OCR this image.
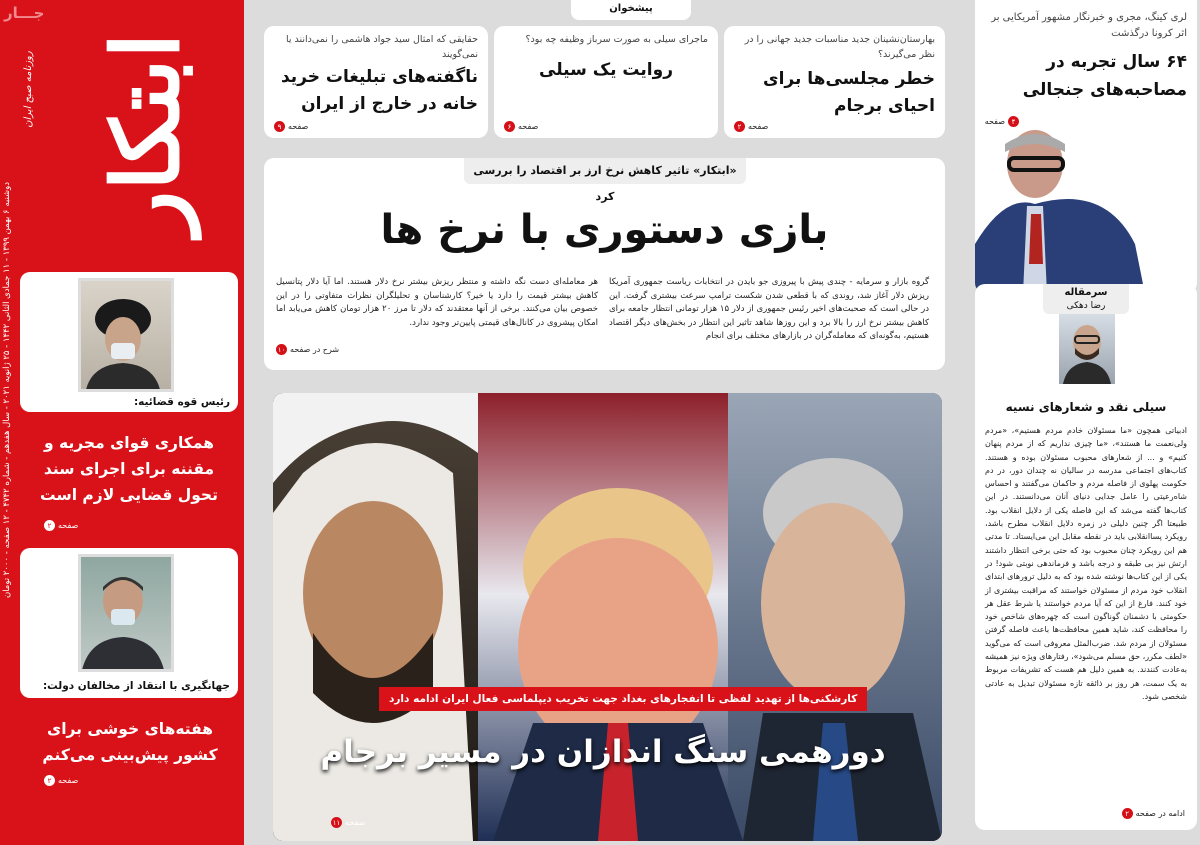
جـــار
روزنامه صبح ایران ابتکار
دوشنبه ۶ بهمن ۱۳۹۹ - ۱۱ جمادی الثانی ۱۴۴۲ - ۲۵ ژانویه ۲۰۲۱ - سال هفدهم - شماره ۴۷۴۲ - ۱۲ صفحه - ۲۰۰۰ تومان
رئیس قوه قضائیه:
همکاری قوای مجریه و مقننه برای اجرای سند تحول قضایی لازم است
صفحه
۲
جهانگیری با انتقاد از مخالفان دولت:
هفته‌های خوشی برای کشور پیش‌بینی می‌کنم
صفحه
۲
پیشخوان
بهارستان‌نشینان جدید مناسبات جدید جهانی را در نظر می‌گیرند؟
خطر مجلسی‌ها برای احیای برجام
صفحه
۲
ماجرای سیلی به صورت سرباز وظیفه چه بود؟
روایت یک سیلی
صفحه
۶
حقایقی که امثال سید جواد هاشمی را نمی‌دانند یا نمی‌گویند
ناگفته‌های تبلیغات خرید خانه در خارج از ایران
صفحه
۹
«ابتکار» تاثیر کاهش نرخ ارز بر اقتصاد را بررسی کرد
بازی دستوری با نرخ ها
گروه بازار و سرمایه - چندی پیش با پیروزی جو بایدن در انتخابات ریاست جمهوری آمریکا ریزش دلار آغاز شد، روندی که با قطعی شدن شکست ترامپ سرعت بیشتری گرفت. این در حالی است که صحبت‌های اخیر رئیس جمهوری از دلار ۱۵ هزار تومانی انتظار جامعه برای کاهش بیشتر نرخ ارز را بالا برد و این روزها شاهد تاثیر این انتظار در بخش‌های دیگر اقتصاد هستیم، به‌گونه‌ای که معامله‌گران در بازارهای مختلف برای انجام
هر معامله‌ای دست نگه داشته و منتظر ریزش بیشتر نرخ دلار هستند. اما آیا دلار پتانسیل کاهش بیشتر قیمت را دارد یا خیر؟ کارشناسان و تحلیلگران نظرات متفاوتی را در این خصوص بیان می‌کنند. برخی از آنها معتقدند که دلار تا مرز ۲۰ هزار تومان کاهش می‌یابد اما امکان پیشروی در کانال‌های قیمتی پایین‌تر وجود ندارد.
شرح در صفحه
۱۰
کارشکنی‌ها از تهدید لفظی تا انفجارهای بغداد جهت تخریب دیپلماسی فعال ایران ادامه دارد
دورهمی سنگ اندازان در مسیر برجام
صفحه
۱۱
لری کینگ، مجری و خبرنگار مشهور آمریکایی بر اثر کرونا درگذشت
۶۴ سال تجربه در مصاحبه‌های جنجالی
۴
صفحه
سرمقاله
رضا دهکی
سیلی نقد و شعارهای نسیه
ادبیاتی همچون «ما مسئولان خادم مردم هستیم»، «مردم ولی‌نعمت ما هستند»، «ما چیزی نداریم که از مردم پنهان کنیم» و ... از شعارهای محبوب مسئولان بوده و هستند. کتاب‌های اجتماعی مدرسه در سالیان نه چندان دور، در دم حکومت پهلوی از فاصله مردم و حاکمان می‌گفتند و احساس شاه‌رعیتی را عامل جدایی دنیای آنان می‌دانستند. در این کتاب‌ها گفته می‌شد که این فاصله یکی از دلایل انقلاب بود. طبیعتا اگر چنین دلیلی در زمره دلایل انقلاب مطرح باشد، رویکرد پساانقلابی باید در نقطه مقابل این می‌ایستاد. تا مدتی هم این رویکرد چنان محبوب بود که حتی برخی انتظار داشتند ارتش نیز بی طبقه و درجه باشد و فرماندهی نوبتی شود! در یکی از این کتاب‌ها نوشته شده بود که به دلیل ترورهای ابتدای انقلاب خود مردم از مسئولان خواستند که مراقبت بیشتری از خود کنند. فارغ از این که آیا مردم خواستند یا شرط عقل هر حکومتی با دشمنان گوناگون است که چهره‌های شاخص خود را محافظت کند، شاید همین محافظت‌ها باعث فاصله گرفتن مسئولان از مردم شد. ضرب‌المثل معروفی است که می‌گوید «لطف مکرر، حق مسلم می‌شود»، رفتارهای ویژه نیز همیشه به‌عادت کنندند. به همین دلیل هم هست که تشریفات مربوط به یک سمت، هر روز بر ذائقه تازه مسئولان تبدیل به عادتی شخصی شود.
ادامه در صفحه
۲
